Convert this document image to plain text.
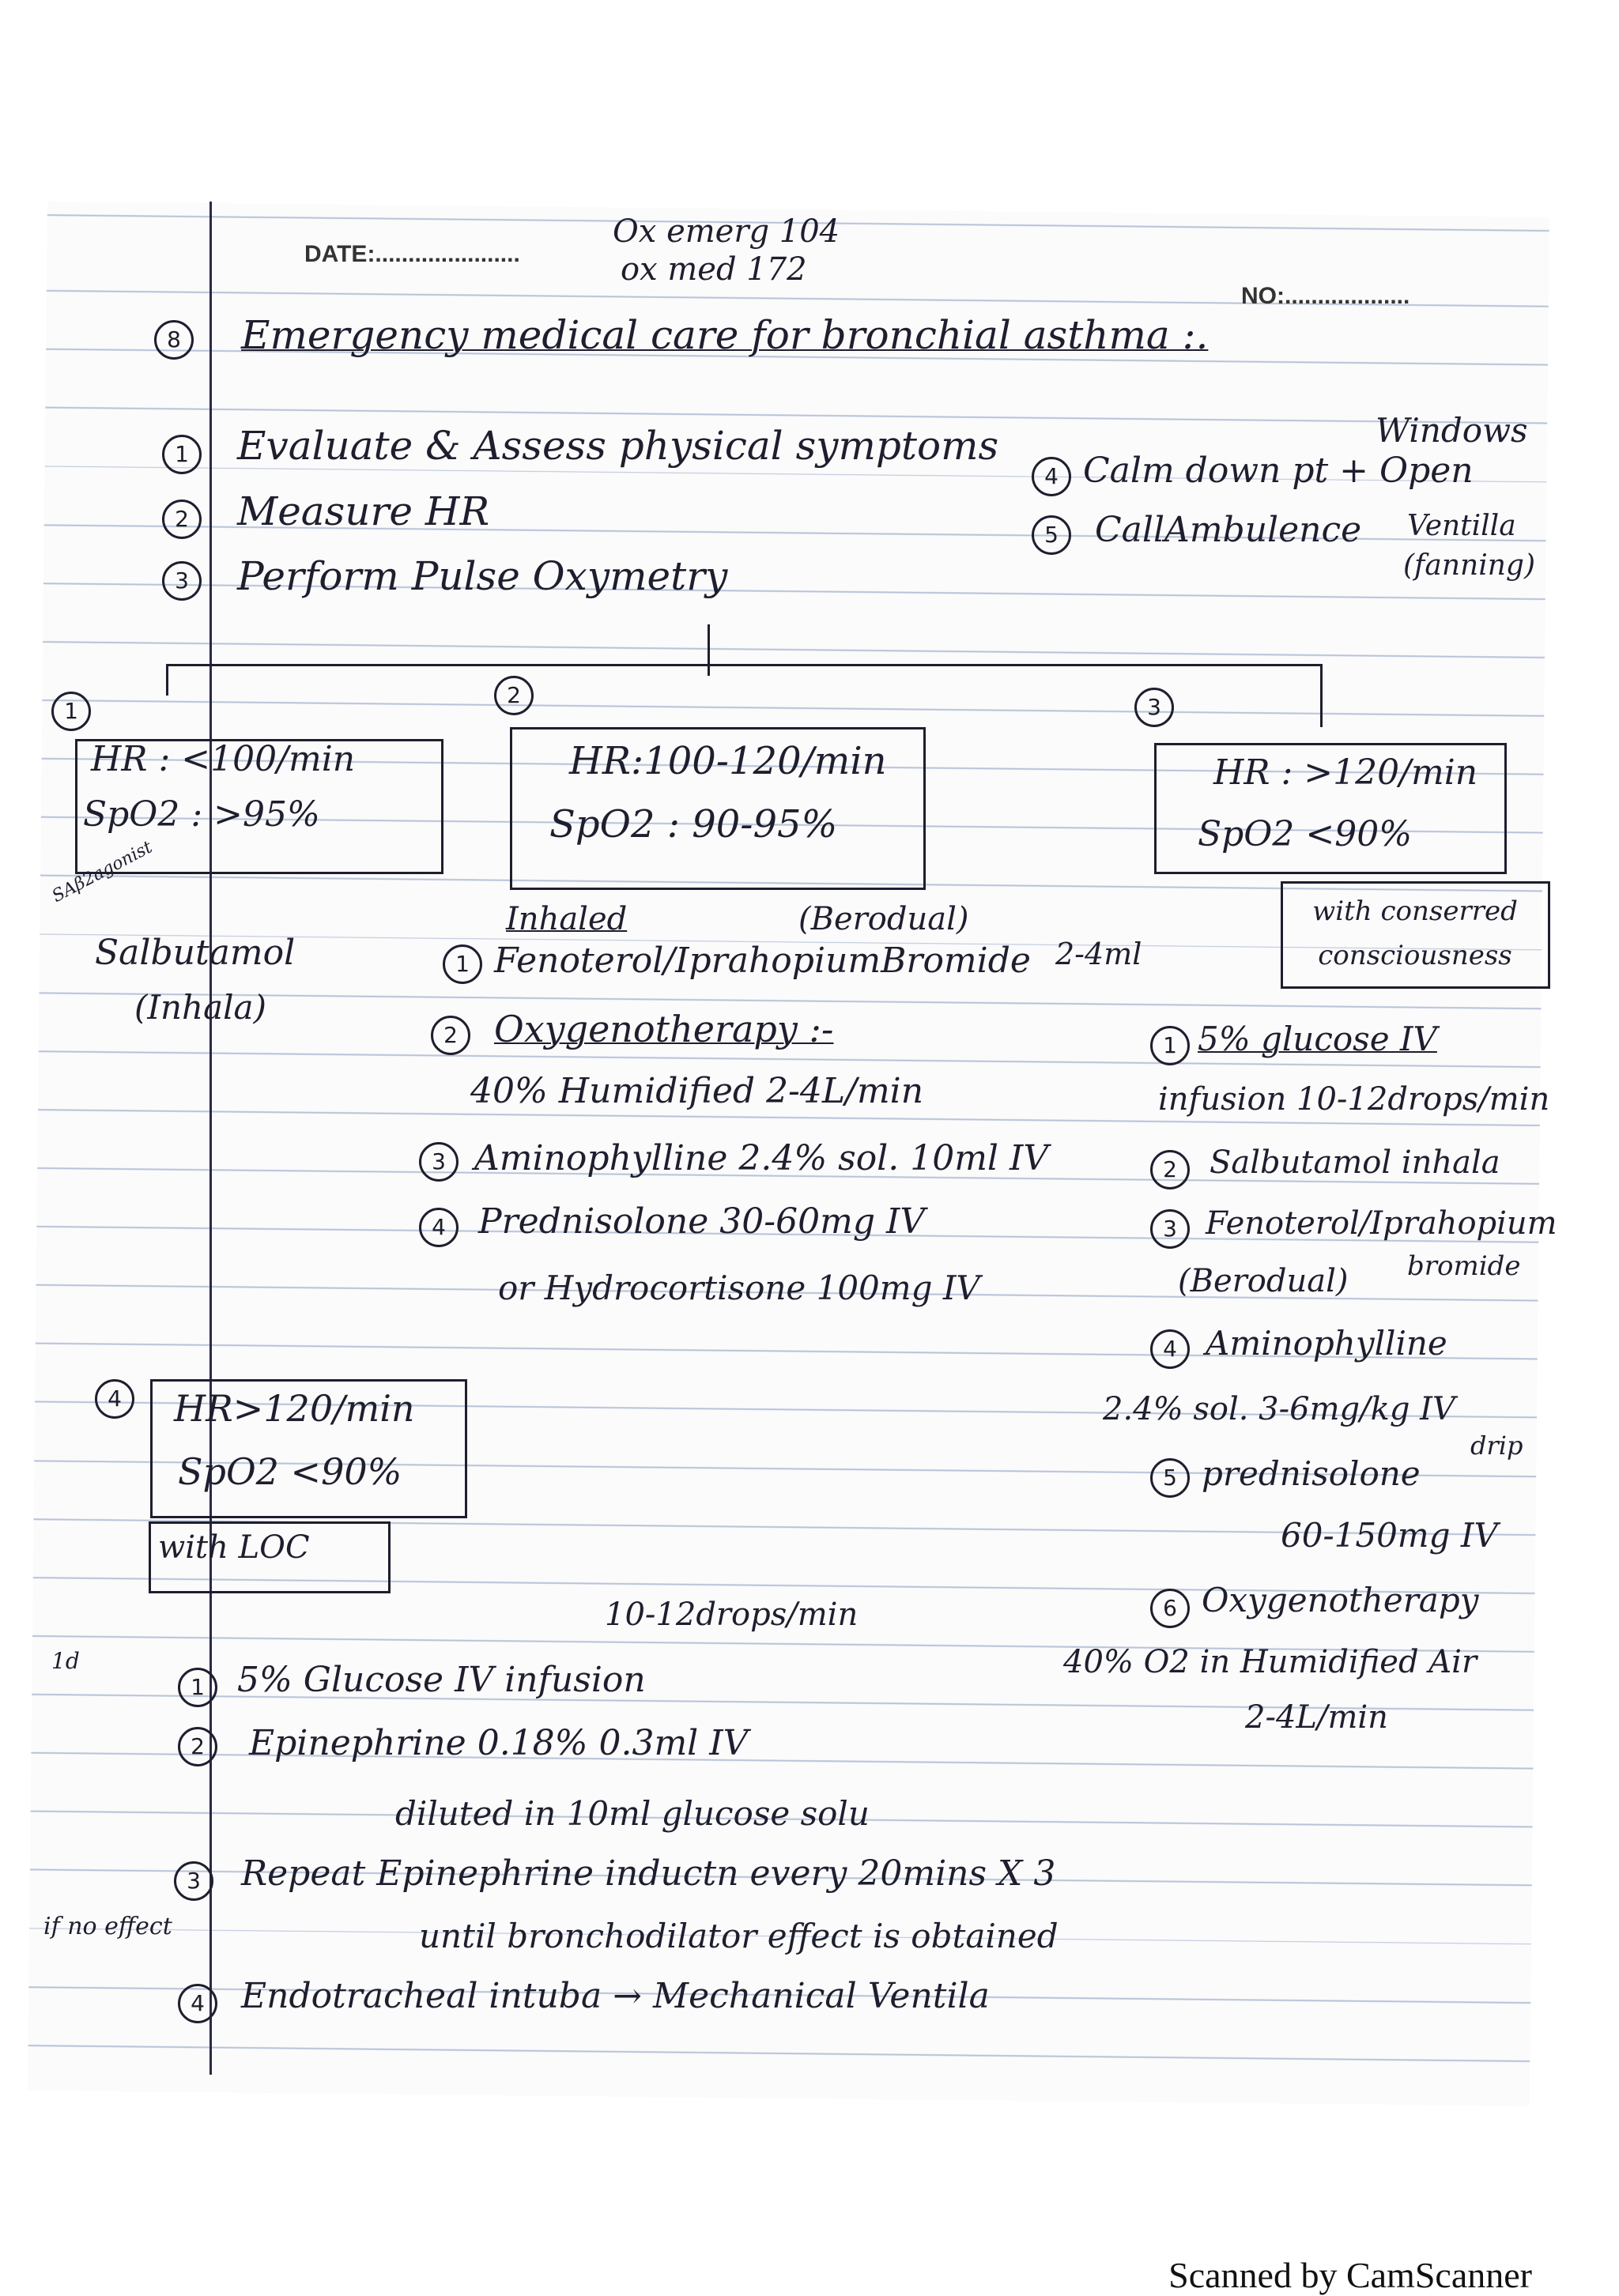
DATE:......................
Ox emerg 104
ox med 172
NO:...................
8	Emergency medical care for bronchial asthma :.
1	Evaluate & Assess physical symptoms
2	Measure HR
3	Perform Pulse Oxymetry
4 Calm down pt + Open
5	CallAmbulence
Windows
Ventilla
(fanning)
1
HR : <100/min
SpO2 : >95%
SAβ2agonist
Salbutamol
(Inhala)
2
HR:100-120/min
SpO2 : 90-95%
Inhaled	(Berodual)
1 Fenoterol/IprahopiumBromide 2-4ml
2	Oxygenotherapy :-
40% Humidified 2-4L/min
3 Aminophylline 2.4% sol. 10ml IV
4 Prednisolone 30-60mg IV
or Hydrocortisone 100mg IV
3
HR : >120/min
SpO2 <90%
with conserred consciousness
1 5% glucose IV
infusion 10-12drops/min
2	Salbutamol inhala
3 Fenoterol/Iprahopium
(Berodual) bromide
4 Aminophylline
2.4% sol. 3-6mg/kg IV
drip
5 prednisolone
60-150mg IV
6 Oxygenotherapy
40% O2 in Humidified Air
2-4L/min
4	HR>120/min
SpO2 <90%
with LOC
10-12drops/min
1d
if no effect
1 5% Glucose IV infusion
2	Epinephrine 0.18% 0.3ml IV
diluted in 10ml glucose solu
3	Repeat Epinephrine inductn every 20mins X 3
until bronchodilator effect is obtained
4	Endotracheal intuba → Mechanical Ventila
Scanned by CamScanner
